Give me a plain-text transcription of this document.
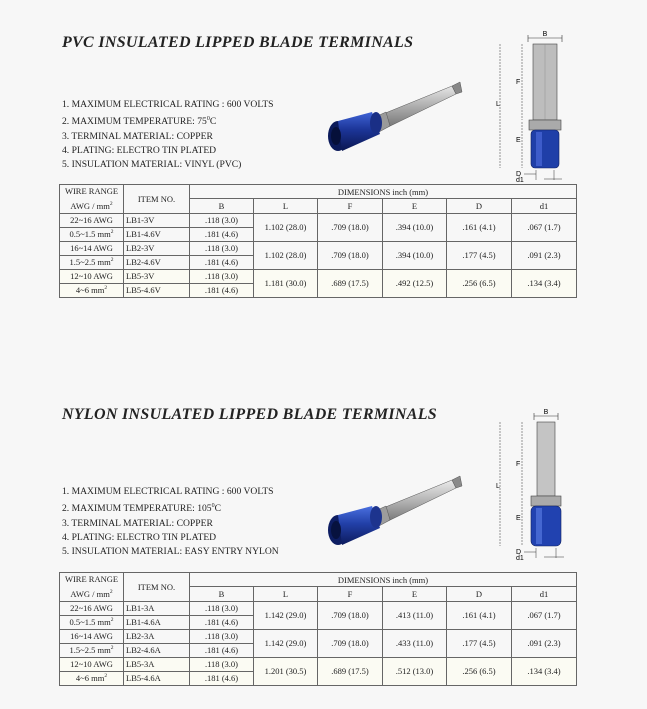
PVC INSULATED LIPPED BLADE TERMINALS
1. MAXIMUM ELECTRICAL RATING : 600 VOLTS
2. MAXIMUM TEMPERATURE: $75^0C$
3. TERMINAL MATERIAL: COPPER
4. PLATING: ELECTRO TIN PLATED
5. INSULATION MATERIAL: VINYL (PVC)
B
L
F
E
D
d1
WIRE RANGE
AWG / $mm^2$	ITEM NO.	DIMENSIONS inch (mm)					
		B	L	F	E	D	d1
22~16 AWG	LB1-3V	.118 (3.0)	1.102 (28.0)	.709 (18.0)	.394 (10.0)	.161 (4.1)	.067 (1.7)
0.5~1.5 $mm^2$	LB1-4.6V	.181 (4.6)					
16~14 AWG	LB2-3V	.118 (3.0)	1.102 (28.0)	.709 (18.0)	.394 (10.0)	.177 (4.5)	.091 (2.3)
1.5~2.5 $mm^2$	LB2-4.6V	.181 (4.6)					
12~10 AWG	LB5-3V	.118 (3.0)	1.181 (30.0)	.689 (17.5)	.492 (12.5)	.256 (6.5)	.134 (3.4)
4~6 $mm^2$	LB5-4.6V	.181 (4.6)					
NYLON INSULATED LIPPED BLADE TERMINALS
1. MAXIMUM ELECTRICAL RATING : 600 VOLTS
2. MAXIMUM TEMPERATURE: $105^0C$
3. TERMINAL MATERIAL: COPPER
4. PLATING: ELECTRO TIN PLATED
5. INSULATION MATERIAL: EASY ENTRY NYLON
B
L
F
E
D
d1
WIRE RANGE
AWG / $mm^2$	ITEM NO.	DIMENSIONS inch (mm)					
		B	L	F	E	D	d1
22~16 AWG	LB1-3A	.118 (3.0)	1.142 (29.0)	.709 (18.0)	.413 (11.0)	.161 (4.1)	.067 (1.7)
0.5~1.5 $mm^2$	LB1-4.6A	.181 (4.6)					
16~14 AWG	LB2-3A	.118 (3.0)	1.142 (29.0)	.709 (18.0)	.433 (11.0)	.177 (4.5)	.091 (2.3)
1.5~2.5 $mm^2$	LB2-4.6A	.181 (4.6)					
12~10 AWG	LB5-3A	.118 (3.0)	1.201 (30.5)	.689 (17.5)	.512 (13.0)	.256 (6.5)	.134 (3.4)
4~6 $mm^2$	LB5-4.6A	.181 (4.6)					
